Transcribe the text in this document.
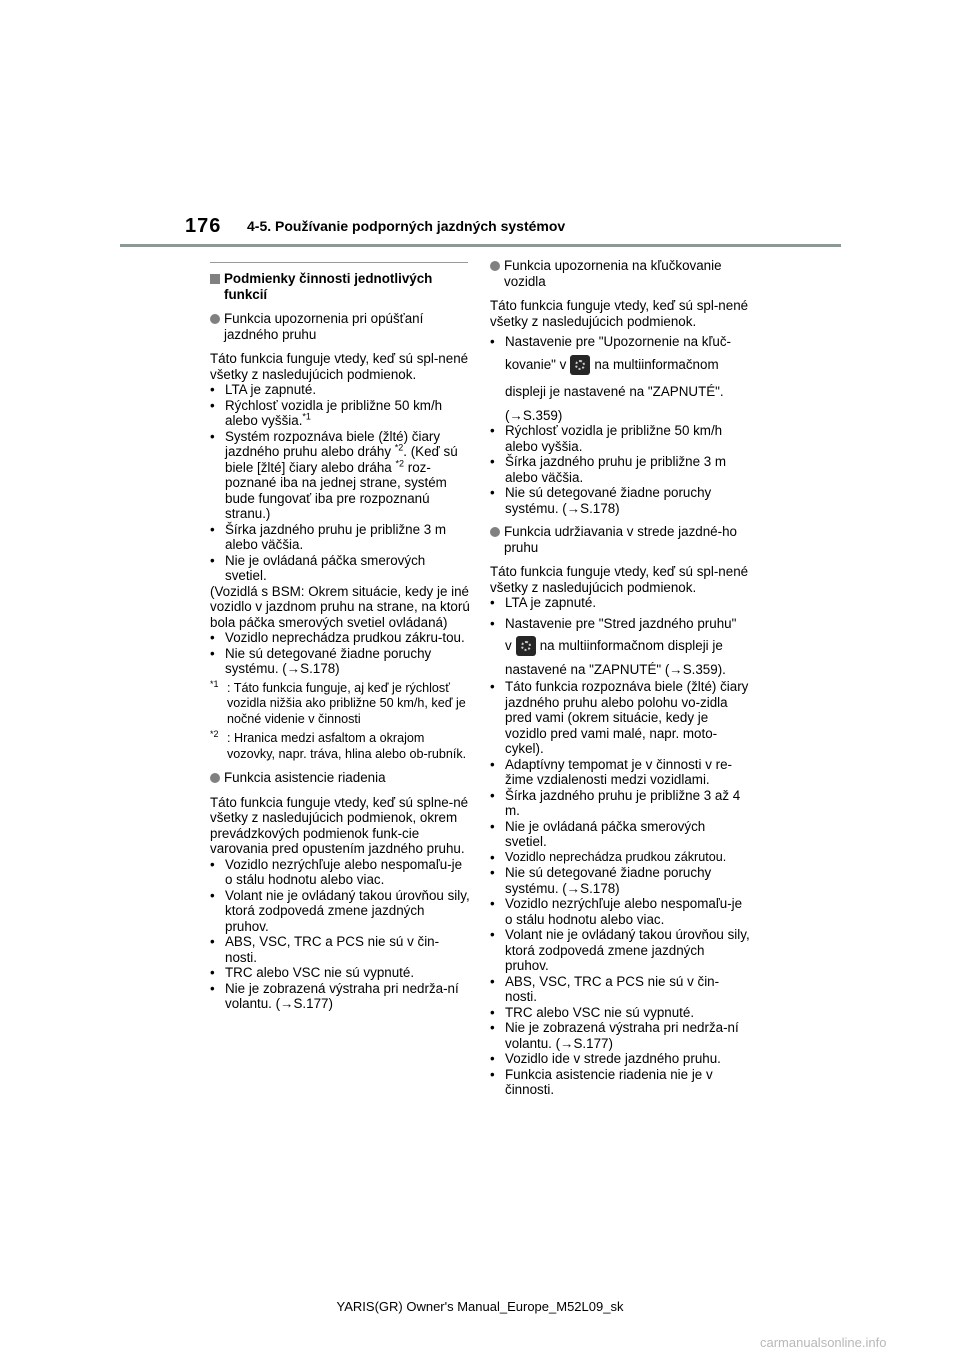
176 4-5. Používanie podporných jazdných systémov
Podmienky činnosti jednotlivých funkcií
Funkcia upozornenia pri opúšťaní jazdného pruhu

Táto funkcia funguje vtedy, keď sú spl-nené všetky z nasledujúcich podmienok.

• LTA je zapnuté.
• Rýchlosť vozidla je približne 50 km/h alebo vyššia.$^{*1}$
• Systém rozpoznáva biele (žlté) čiary jazdného pruhu alebo dráhy $^{*2}$. (Keď sú biele [žlté] čiary alebo dráha $^{*2}$ roz-poznané iba na jednej strane, systém bude fungovať iba pre rozpoznanú stranu.)
• Šírka jazdného pruhu je približne 3 m alebo väčšia.
• Nie je ovládaná páčka smerových svetiel.

(Vozidlá s BSM: Okrem situácie, kedy je iné vozidlo v jazdnom pruhu na strane, na ktorú bola páčka smerových svetiel ovládaná)

• Vozidlo neprechádza prudkou zákru-tou.
• Nie sú detegované žiadne poruchy systému. (→S.178)
$^{*1}$ : Táto funkcia funguje, aj keď je rýchlosť vozidla nižšia ako približne 50 km/h, keď je nočné videnie v činnosti
$^{*2}$ : Hranica medzi asfaltom a okrajom vozovky, napr. tráva, hlina alebo ob-rubník.
Funkcia asistencie riadenia

Táto funkcia funguje vtedy, keď sú splne-né všetky z nasledujúcich podmienok, okrem prevádzkových podmienok funk-cie varovania pred opustením jazdného pruhu.

• Vozidlo nezrýchľuje alebo nespomaľu-je o stálu hodnotu alebo viac.
• Volant nie je ovládaný takou úrovňou sily, ktorá zodpovedá zmene jazdných pruhov.
• ABS, VSC, TRC a PCS nie sú v čin-nosti.
• TRC alebo VSC nie sú vypnuté.
• Nie je zobrazená výstraha pri nedrža-ní volantu. (→S.177)
Funkcia upozornenia na kľučkovanie vozidla

Táto funkcia funguje vtedy, keď sú spl-nené všetky z nasledujúcich podmienok.

• Nastavenie pre "Upozornenie na kľuč-
kovanie" v na multiinformačnom
displeji je nastavené na "ZAPNUTÉ".
(→S.359)
• Rýchlosť vozidla je približne 50 km/h alebo vyššia.
• Šírka jazdného pruhu je približne 3 m alebo väčšia.
• Nie sú detegované žiadne poruchy systému. (→S.178)
Funkcia udržiavania v strede jazdné-ho pruhu

Táto funkcia funguje vtedy, keď sú spl-nené všetky z nasledujúcich podmienok.

• LTA je zapnuté.
• Nastavenie pre "Stred jazdného pruhu"
v na multiinformačnom displeji je
nastavené na "ZAPNUTÉ" (→S.359).
• Táto funkcia rozpoznáva biele (žlté) čiary jazdného pruhu alebo polohu vo-zidla pred vami (okrem situácie, kedy je vozidlo pred vami malé, napr. moto-cykel).
• Adaptívny tempomat je v činnosti v re-žime vzdialenosti medzi vozidlami.
• Šírka jazdného pruhu je približne 3 až 4 m.
• Nie je ovládaná páčka smerových svetiel.
• Vozidlo neprechádza prudkou zákrutou.
• Nie sú detegované žiadne poruchy systému. (→S.178)
• Vozidlo nezrýchľuje alebo nespomaľu-je o stálu hodnotu alebo viac.
• Volant nie je ovládaný takou úrovňou sily, ktorá zodpovedá zmene jazdných pruhov.
• ABS, VSC, TRC a PCS nie sú v čin-nosti.
• TRC alebo VSC nie sú vypnuté.
• Nie je zobrazená výstraha pri nedrža-ní volantu. (→S.177)
• Vozidlo ide v strede jazdného pruhu.
• Funkcia asistencie riadenia nie je v činnosti.
YARIS(GR) Owner's Manual_Europe_M52L09_sk
carmanualsonline.info
